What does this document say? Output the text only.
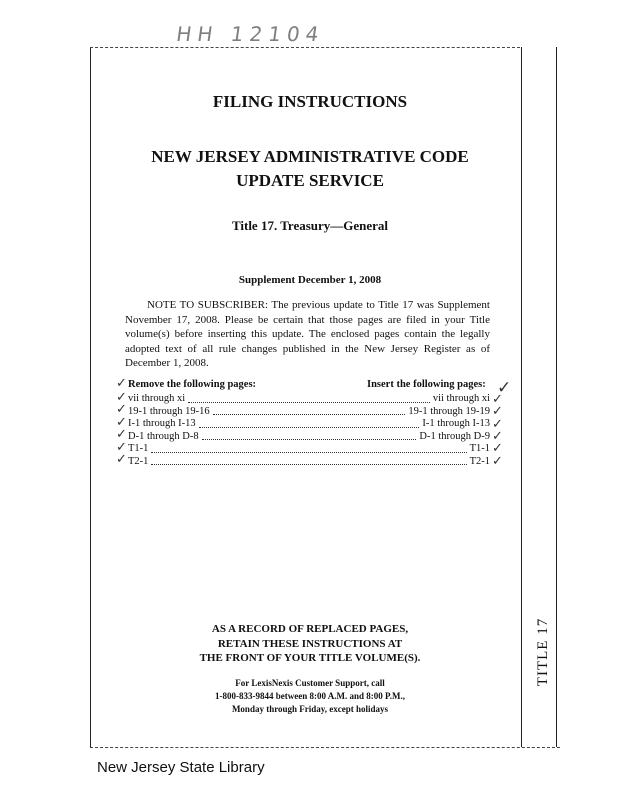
HH 12104
TITLE 17
FILING INSTRUCTIONS
NEW JERSEY ADMINISTRATIVE CODE
UPDATE SERVICE
Title 17. Treasury—General
Supplement December 1, 2008
NOTE TO SUBSCRIBER: The previous update to Title 17 was Supplement November 17, 2008. Please be certain that those pages are filed in your Title volume(s) before inserting this update. The enclosed pages contain the legally adopted text of all rule changes published in the New Jersey Register as of December 1, 2008.
Remove the following pages:	Insert the following pages:
vii through xi	vii through xi
19-1 through 19-16	19-1 through 19-19
I-1 through I-13	I-1 through I-13
D-1 through D-8	D-1 through D-9
T1-1	T1-1
T2-1	T2-1
✓
✓
✓
✓
✓
✓
✓
✓
✓
✓
✓
✓
✓
✓
AS A RECORD OF REPLACED PAGES,
RETAIN THESE INSTRUCTIONS AT
THE FRONT OF YOUR TITLE VOLUME(S).
For LexisNexis Customer Support, call
1-800-833-9844 between 8:00 A.M. and 8:00 P.M.,
Monday through Friday, except holidays
New Jersey State Library
